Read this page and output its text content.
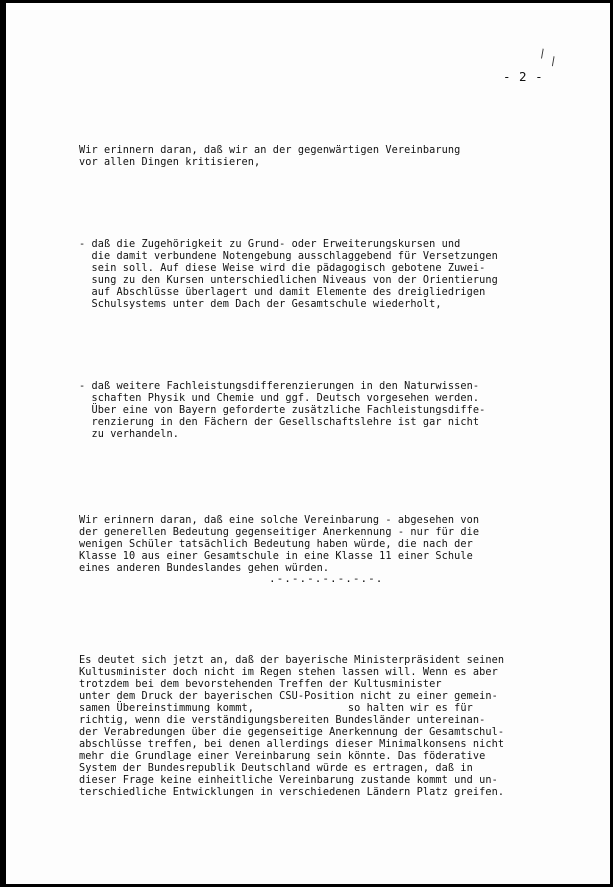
\ \
- 2 -

Wir erinnern daran, daß wir an der gegenwärtigen Vereinbarung
vor allen Dingen kritisieren,

- daß die Zugehörigkeit zu Grund- oder Erweiterungskursen und
die damit verbundene Notengebung ausschlaggebend für Versetzungen
sein soll. Auf diese Weise wird die pädagogisch gebotene Zuwei-
sung zu den Kursen unterschiedlichen Niveaus von der Orientierung
auf Abschlüsse überlagert und damit Elemente des dreigliedrigen
Schulsystems unter dem Dach der Gesamtschule wiederholt,

- daß weitere Fachleistungsdifferenzierungen in den Naturwissen-
schaften Physik und Chemie und ggf. Deutsch vorgesehen werden.
Über eine von Bayern geforderte zusätzliche Fachleistungsdiffe-
renzierung in den Fächern der Gesellschaftslehre ist gar nicht
zu verhandeln.

Wir erinnern daran, daß eine solche Vereinbarung - abgesehen von
der generellen Bedeutung gegenseitiger Anerkennung - nur für die
wenigen Schüler tatsächlich Bedeutung haben würde, die nach der
Klasse 10 aus einer Gesamtschule in eine Klasse 11 einer Schule
eines anderen Bundeslandes gehen würden.

Es deutet sich jetzt an, daß der bayerische Ministerpräsident seinen
Kultusminister doch nicht im Regen stehen lassen will. Wenn es aber
trotzdem bei dem bevorstehenden Treffen der Kultusminister
unter dem Druck der bayerischen CSU-Position nicht zu einer gemein-
samen Übereinstimmung kommt,               so halten wir es für
richtig, wenn die verständigungsbereiten Bundesländer untereinan-
der Verabredungen über die gegenseitige Anerkennung der Gesamtschul-
abschlüsse treffen, bei denen allerdings dieser Minimalkonsens nicht
mehr die Grundlage einer Vereinbarung sein könnte. Das föderative
System der Bundesrepublik Deutschland würde es ertragen, daß in
dieser Frage keine einheitliche Vereinbarung zustande kommt und un-
terschiedliche Entwicklungen in verschiedenen Ländern Platz greifen.

.-.-.-.-.-.-.-.
